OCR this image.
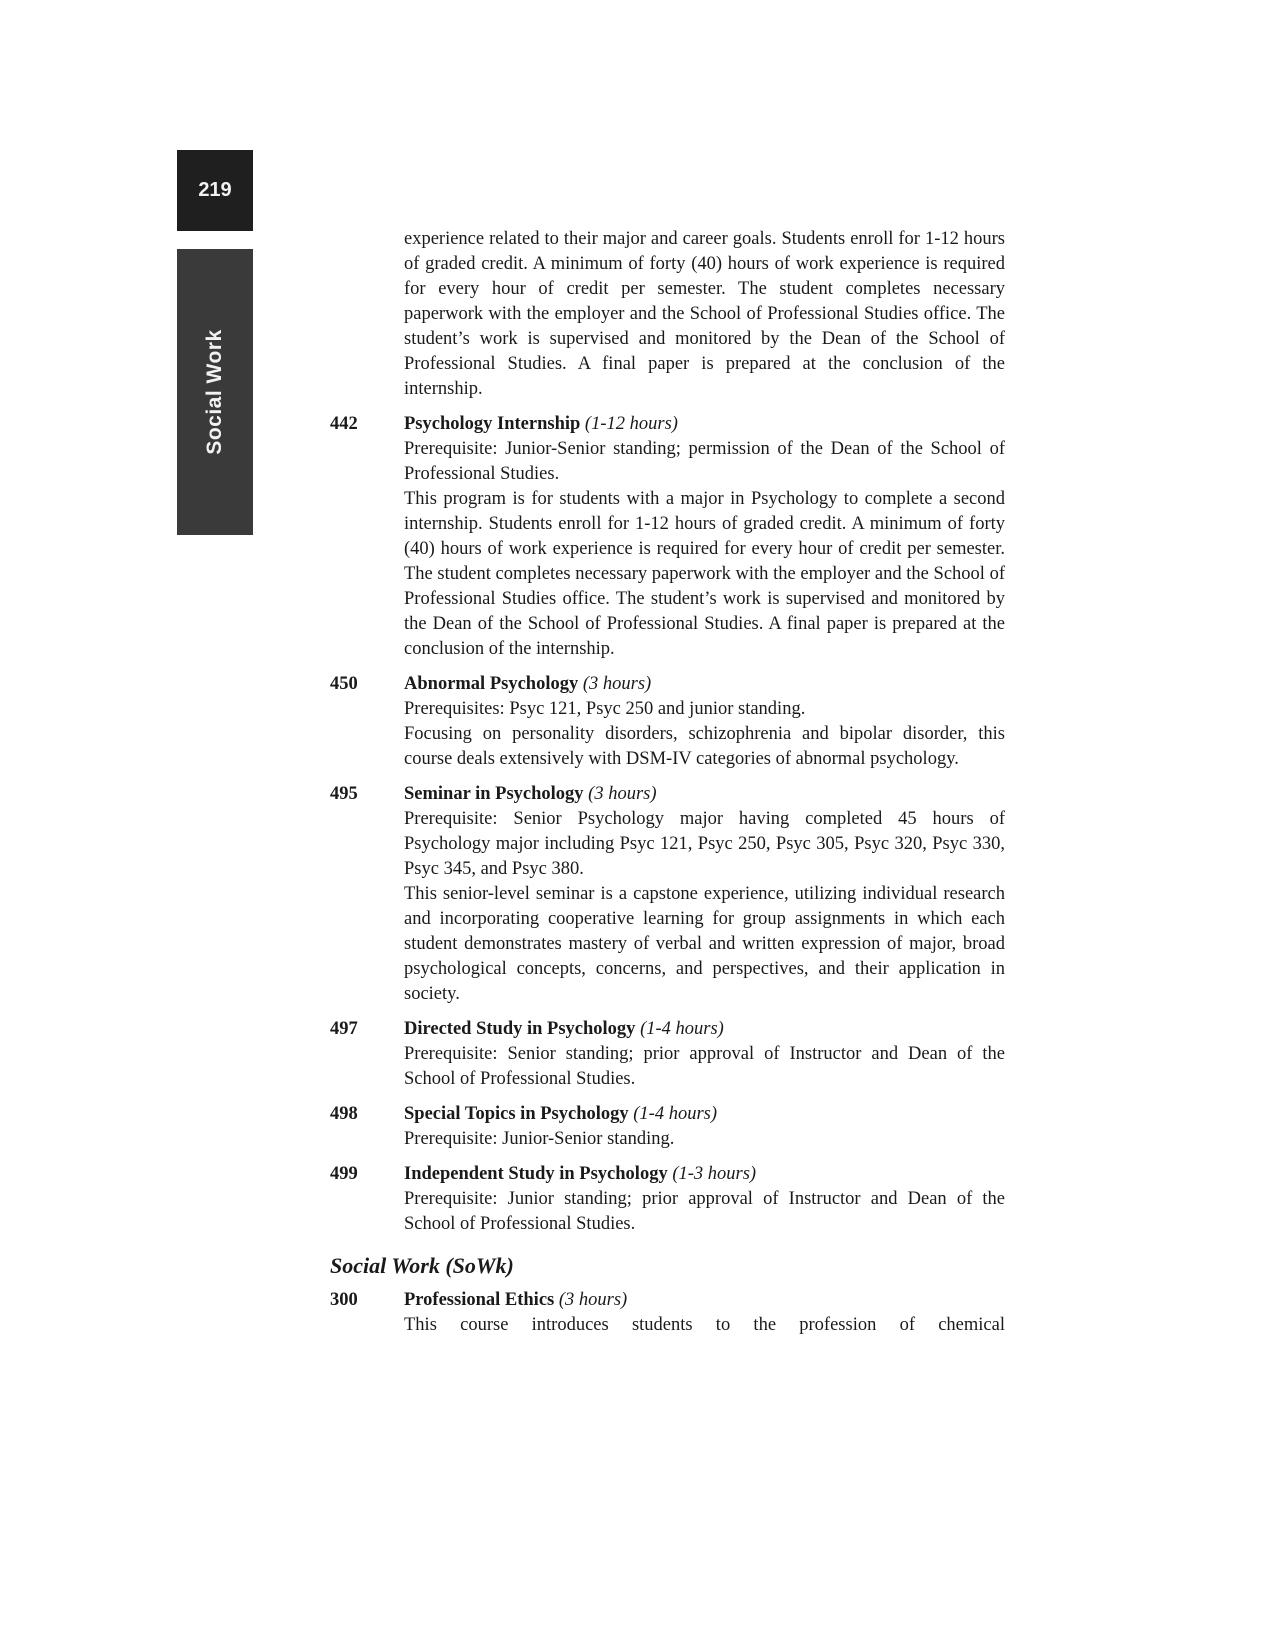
219
Social Work
experience related to their major and career goals. Students enroll for 1-12 hours of graded credit. A minimum of forty (40) hours of work experience is required for every hour of credit per semester. The student completes necessary paperwork with the employer and the School of Professional Studies office. The student’s work is supervised and monitored by the Dean of the School of Professional Studies. A final paper is prepared at the conclusion of the internship.
442	Psychology Internship (1-12 hours)
Prerequisite: Junior-Senior standing; permission of the Dean of the School of Professional Studies.
This program is for students with a major in Psychology to complete a second internship. Students enroll for 1-12 hours of graded credit. A minimum of forty (40) hours of work experience is required for every hour of credit per semester. The student completes necessary paperwork with the employer and the School of Professional Studies office. The student’s work is supervised and monitored by the Dean of the School of Professional Studies. A final paper is prepared at the conclusion of the internship.
450	Abnormal Psychology (3 hours)
Prerequisites: Psyc 121, Psyc 250 and junior standing.
Focusing on personality disorders, schizophrenia and bipolar disorder, this course deals extensively with DSM-IV categories of abnormal psychology.
495	Seminar in Psychology (3 hours)
Prerequisite: Senior Psychology major having completed 45 hours of Psychology major including Psyc 121, Psyc 250, Psyc 305, Psyc 320, Psyc 330, Psyc 345, and Psyc 380.
This senior-level seminar is a capstone experience, utilizing individual research and incorporating cooperative learning for group assignments in which each student demonstrates mastery of verbal and written expression of major, broad psychological concepts, concerns, and perspectives, and their application in society.
497	Directed Study in Psychology (1-4 hours)
Prerequisite: Senior standing; prior approval of Instructor and Dean of the School of Professional Studies.
498	Special Topics in Psychology (1-4 hours)
Prerequisite: Junior-Senior standing.
499	Independent Study in Psychology (1-3 hours)
Prerequisite: Junior standing; prior approval of Instructor and Dean of the School of Professional Studies.
Social Work (SoWk)
300	Professional Ethics (3 hours)
This course introduces students to the profession of chemical
